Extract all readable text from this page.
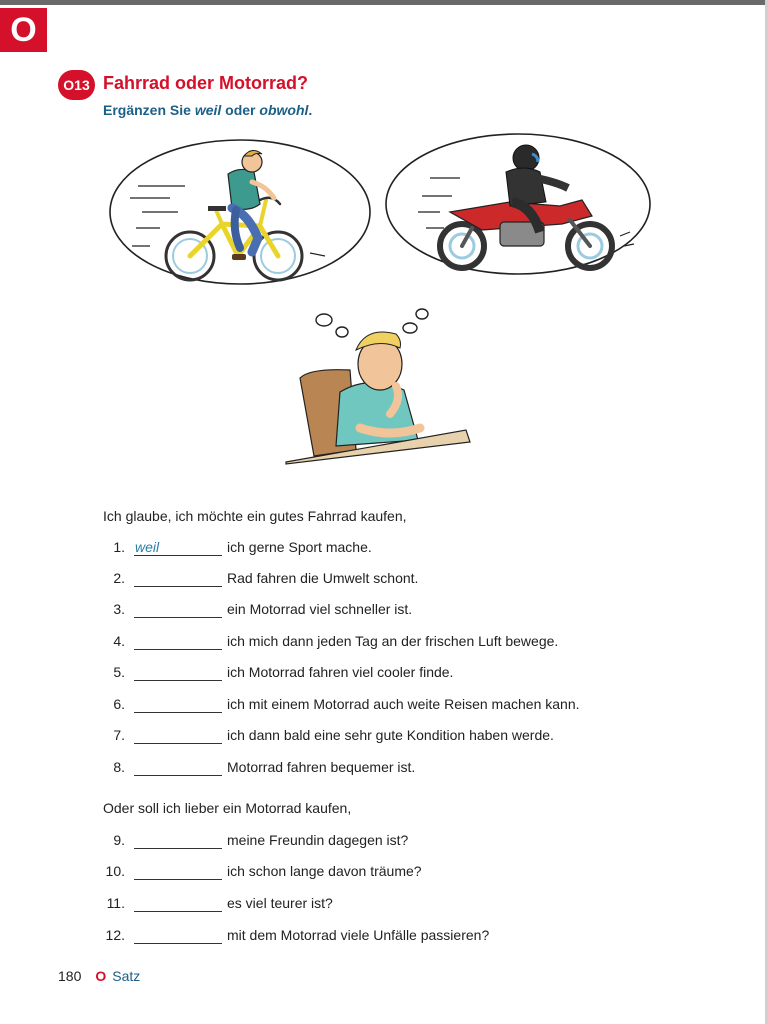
O
O13 Fahrrad oder Motorrad?
Ergänzen Sie weil oder obwohl.
Ich glaube, ich möchte ein gutes Fahrrad kaufen,
1. weil	ich gerne Sport mache.
2.	Rad fahren die Umwelt schont.
3.	ein Motorrad viel schneller ist.
4.	ich mich dann jeden Tag an der frischen Luft bewege.
5.	ich Motorrad fahren viel cooler finde.
6.	ich mit einem Motorrad auch weite Reisen machen kann.
7.	ich dann bald eine sehr gute Kondition haben werde.
8.	Motorrad fahren bequemer ist.
Oder soll ich lieber ein Motorrad kaufen,
9.	meine Freundin dagegen ist?
10.	ich schon lange davon träume?
11.	es viel teurer ist?
12.	mit dem Motorrad viele Unfälle passieren?
180 O Satz
